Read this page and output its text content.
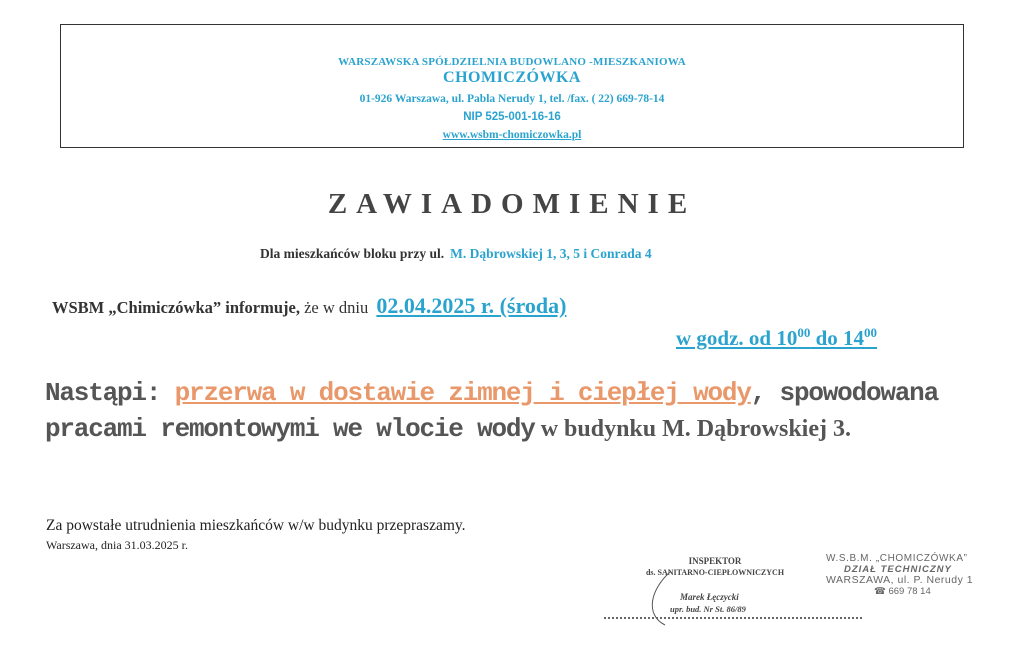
WARSZAWSKA SPÓŁDZIELNIA BUDOWLANO -MIESZKANIOWA
CHOMICZÓWKA
01-926 Warszawa, ul. Pabla Nerudy 1, tel. /fax. ( 22) 669-78-14
NIP 525-001-16-16
www.wsbm-chomiczowka.pl
ZAWIADOMIENIE
Dla mieszkańców bloku przy ul. M. Dąbrowskiej 1, 3, 5 i Conrada 4
WSBM „Chimiczówka” informuje, że w dniu 02.04.2025 r. (środa)
w godz. od $10^{00}$ do $14^{00}$
Nastąpi: przerwa w dostawie zimnej i ciepłej wody, spowodowana
pracami remontowymi we wlocie wody w budynku M. Dąbrowskiej 3.
Za powstałe utrudnienia mieszkańców w/w budynku przepraszamy.
Warszawa, dnia 31.03.2025 r.
INSPEKTOR
ds. SANITARNO-CIEPŁOWNICZYCH
Marek Łęczycki
upr. bud. Nr St. 86/89
W.S.B.M. „CHOMICZÓWKA”
DZIAŁ TECHNICZNY
WARSZAWA, ul. P. Nerudy 1
☎ 669 78 14
